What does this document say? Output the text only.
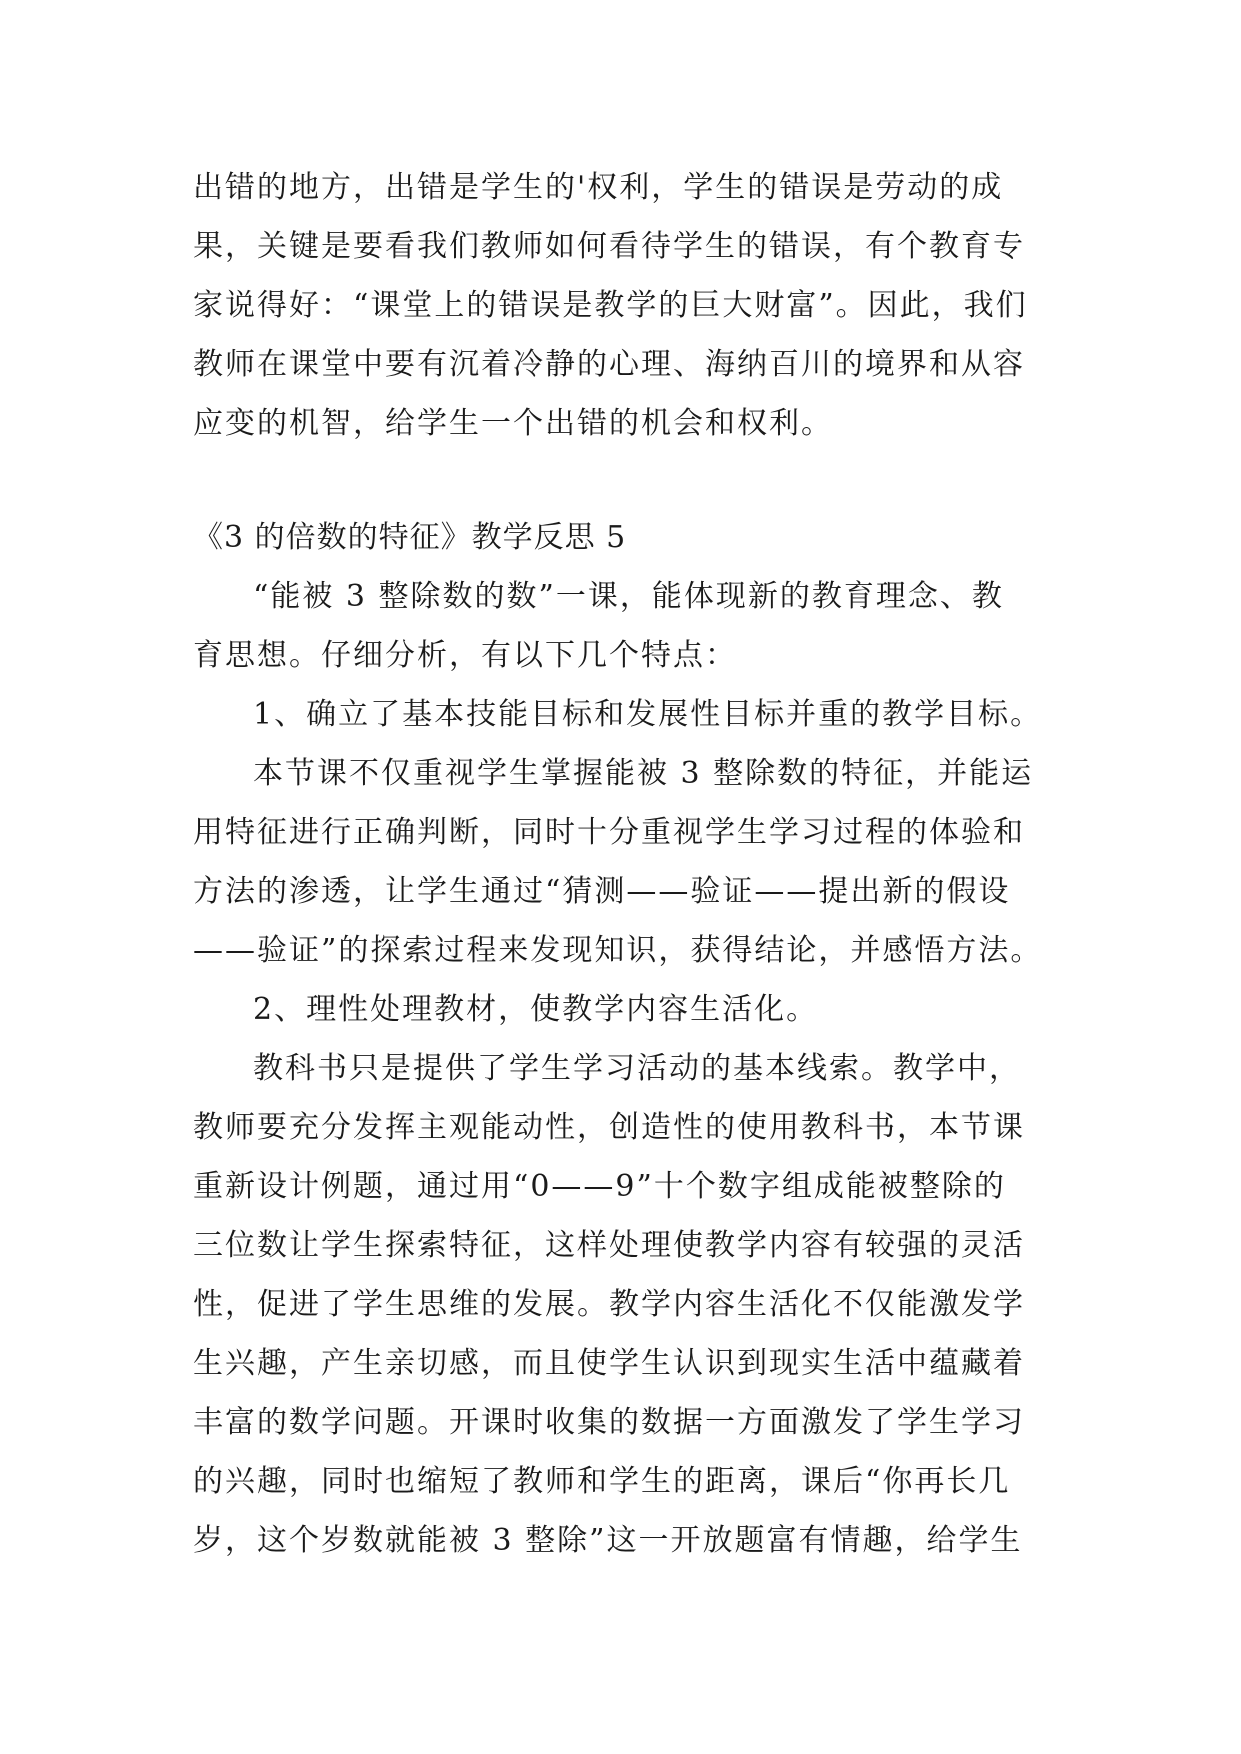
出错的地方，出错是学生的'权利，学生的错误是劳动的成
果，关键是要看我们教师如何看待学生的错误，有个教育专
家说得好：“课堂上的错误是教学的巨大财富”。因此，我们
教师在课堂中要有沉着冷静的心理、海纳百川的境界和从容
应变的机智，给学生一个出错的机会和权利。
《3 的倍数的特征》教学反思 5
“能被 3 整除数的数”一课，能体现新的教育理念、教
育思想。仔细分析，有以下几个特点：
1、确立了基本技能目标和发展性目标并重的教学目标。
本节课不仅重视学生掌握能被 3 整除数的特征，并能运
用特征进行正确判断，同时十分重视学生学习过程的体验和
方法的渗透，让学生通过“猜测——验证——提出新的假设
——验证”的探索过程来发现知识，获得结论，并感悟方法。
2、理性处理教材，使教学内容生活化。
教科书只是提供了学生学习活动的基本线索。教学中，
教师要充分发挥主观能动性，创造性的使用教科书，本节课
重新设计例题，通过用“0——9”十个数字组成能被整除的
三位数让学生探索特征，这样处理使教学内容有较强的灵活
性，促进了学生思维的发展。教学内容生活化不仅能激发学
生兴趣，产生亲切感，而且使学生认识到现实生活中蕴藏着
丰富的数学问题。开课时收集的数据一方面激发了学生学习
的兴趣，同时也缩短了教师和学生的距离，课后“你再长几
岁，这个岁数就能被 3 整除”这一开放题富有情趣，给学生
